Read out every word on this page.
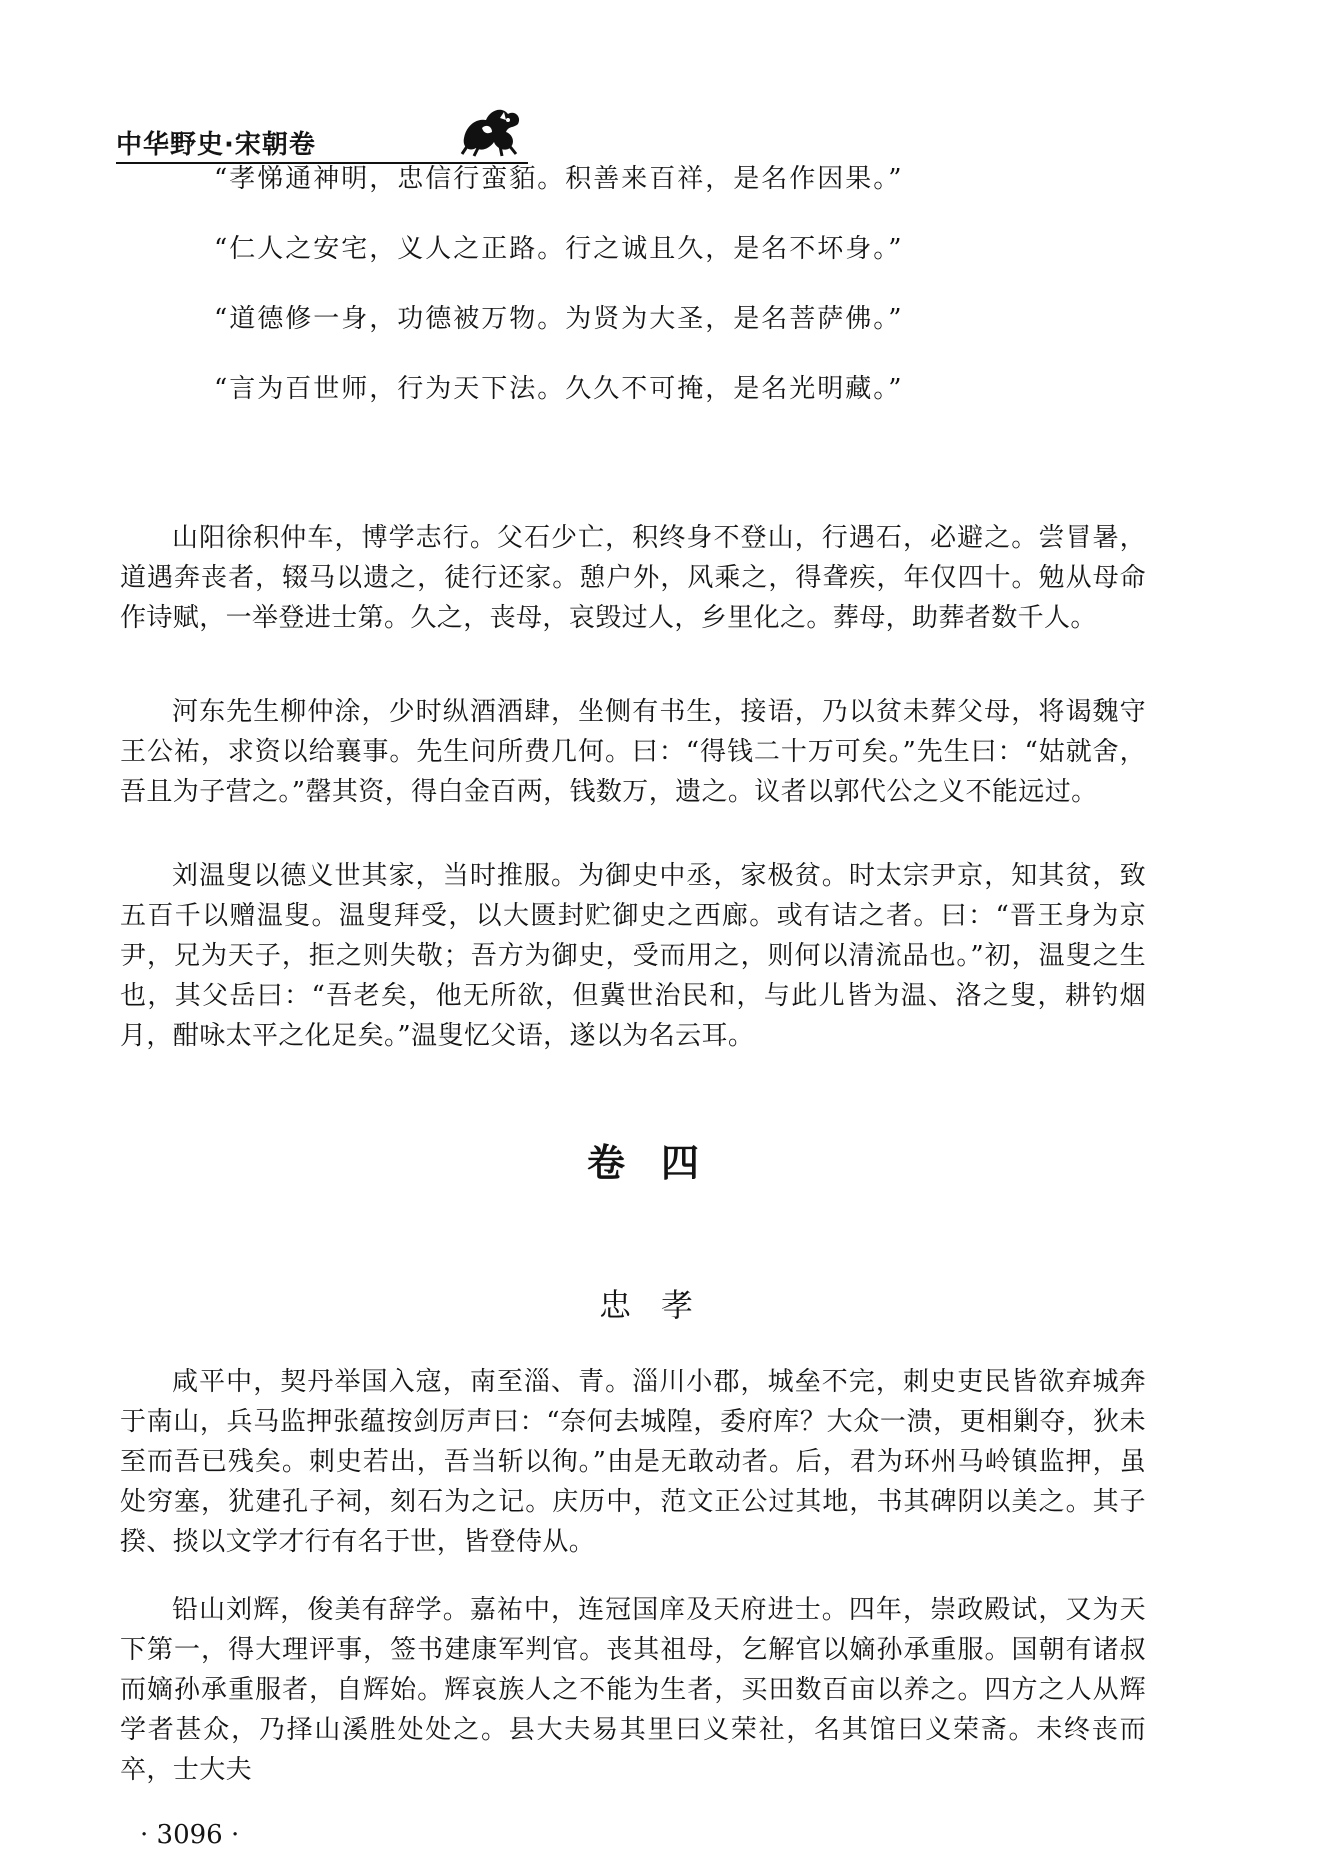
中华野史·宋朝卷
“孝悌通神明，忠信行蛮貊。积善来百祥，是名作因果。”
“仁人之安宅，义人之正路。行之诚且久，是名不坏身。”
“道德修一身，功德被万物。为贤为大圣，是名菩萨佛。”
“言为百世师，行为天下法。久久不可掩，是名光明藏。”

山阳徐积仲车，博学志行。父石少亡，积终身不登山，行遇石，必避之。尝冒暑，道遇奔丧者，辍马以遗之，徒行还家。憩户外，风乘之，得聋疾，年仅四十。勉从母命作诗赋，一举登进士第。久之，丧母，哀毁过人，乡里化之。葬母，助葬者数千人。

河东先生柳仲涂，少时纵酒酒肆，坐侧有书生，接语，乃以贫未葬父母，将谒魏守王公祐，求资以给襄事。先生问所费几何。曰：“得钱二十万可矣。”先生曰：“姑就舍，吾且为子营之。”罄其资，得白金百两，钱数万，遗之。议者以郭代公之义不能远过。

刘温叟以德义世其家，当时推服。为御史中丞，家极贫。时太宗尹京，知其贫，致五百千以赠温叟。温叟拜受，以大匮封贮御史之西廊。或有诘之者。曰：“晋王身为京尹，兄为天子，拒之则失敬；吾方为御史，受而用之，则何以清流品也。”初，温叟之生也，其父岳曰：“吾老矣，他无所欲，但冀世治民和，与此儿皆为温、洛之叟，耕钓烟月，酣咏太平之化足矣。”温叟忆父语，遂以为名云耳。

卷四
忠孝

咸平中，契丹举国入寇，南至淄、青。淄川小郡，城垒不完，刺史吏民皆欲弃城奔于南山，兵马监押张蕴按剑厉声曰：“奈何去城隍，委府库？大众一溃，更相剿夺，狄未至而吾已残矣。刺史若出，吾当斩以徇。”由是无敢动者。后，君为环州马岭镇监押，虽处穷塞，犹建孔子祠，刻石为之记。庆历中，范文正公过其地，书其碑阴以美之。其子揆、掞以文学才行有名于世，皆登侍从。

铅山刘辉，俊美有辞学。嘉祐中，连冠国庠及天府进士。四年，崇政殿试，又为天下第一，得大理评事，签书建康军判官。丧其祖母，乞解官以嫡孙承重服。国朝有诸叔而嫡孙承重服者，自辉始。辉哀族人之不能为生者，买田数百亩以养之。四方之人从辉学者甚众，乃择山溪胜处处之。县大夫易其里曰义荣社，名其馆曰义荣斋。未终丧而卒，士大夫

· 3096 ·
